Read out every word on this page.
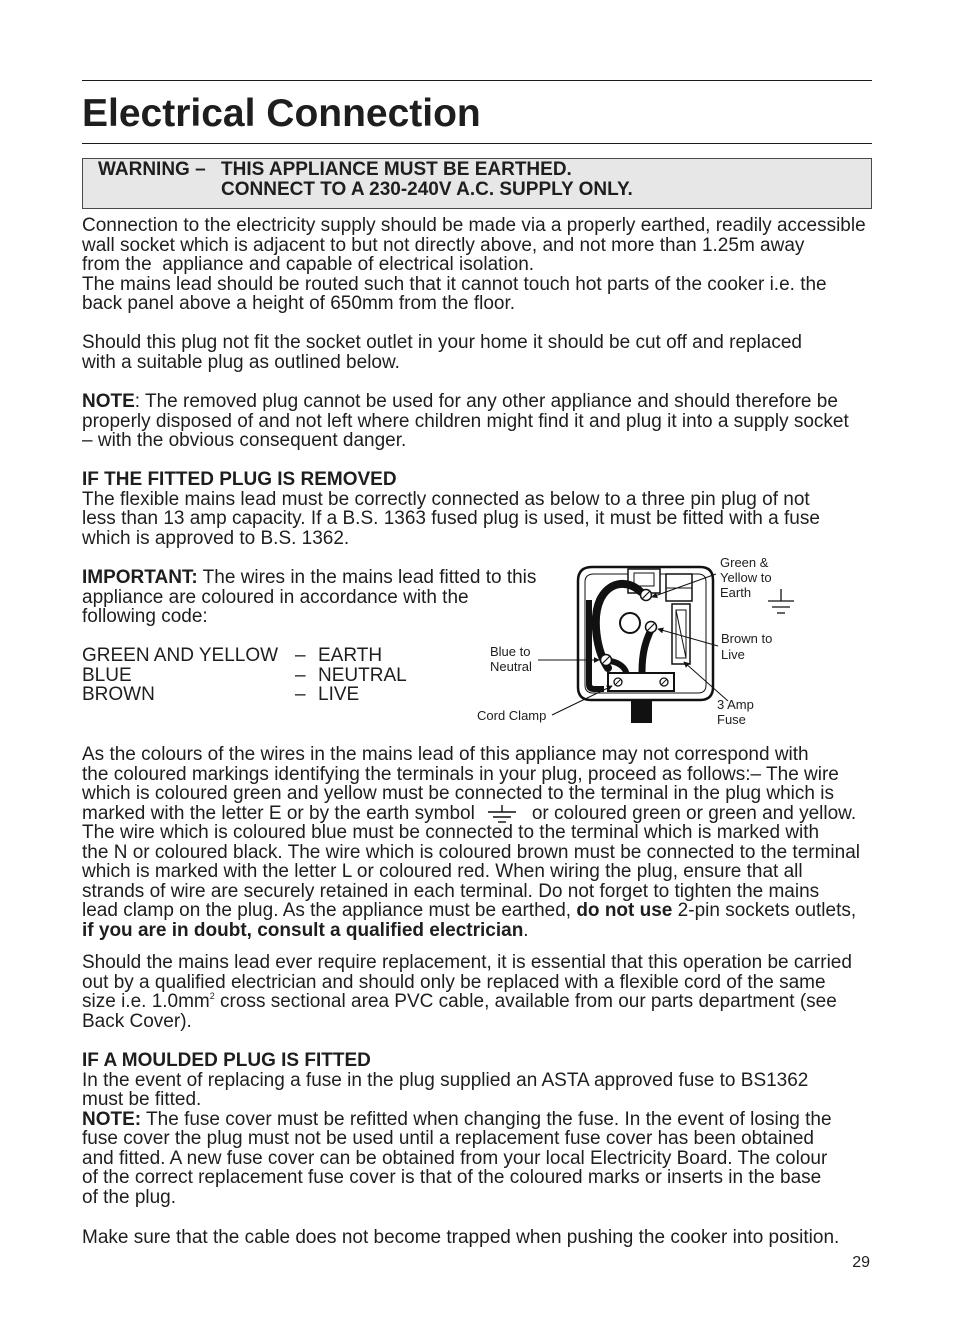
Electrical Connection
WARNING – THIS APPLIANCE MUST BE EARTHED.
CONNECT TO A 230-240V A.C. SUPPLY ONLY.
Connection to the electricity supply should be made via a properly earthed, readily accessible
wall socket which is adjacent to but not directly above, and not more than 1.25m away
from the  appliance and capable of electrical isolation.
The mains lead should be routed such that it cannot touch hot parts of the cooker i.e. the
back panel above a height of 650mm from the floor.
Should this plug not fit the socket outlet in your home it should be cut off and replaced
with a suitable plug as outlined below.
NOTE: The removed plug cannot be used for any other appliance and should therefore be
properly disposed of and not left where children might find it and plug it into a supply socket
– with the obvious consequent danger.
IF THE FITTED PLUG IS REMOVED
The flexible mains lead must be correctly connected as below to a three pin plug of not
less than 13 amp capacity. If a B.S. 1363 fused plug is used, it must be fitted with a fuse
which is approved to B.S. 1362.
IMPORTANT: The wires in the mains lead fitted to this
appliance are coloured in accordance with the
following code:
GREEN AND YELLOW – EARTH
BLUE	– NEUTRAL
BROWN	– LIVE
Green &
Yellow to
Earth
Brown to
Live
Blue to
Neutral
Cord Clamp
3 Amp
Fuse
As the colours of the wires in the mains lead of this appliance may not correspond with
the coloured markings identifying the terminals in your plug, proceed as follows:– The wire
which is coloured green and yellow must be connected to the terminal in the plug which is
marked with the letter E or by the earth symbol	or coloured green or green and yellow.
The wire which is coloured blue must be connected to the terminal which is marked with
the N or coloured black. The wire which is coloured brown must be connected to the terminal
which is marked with the letter L or coloured red. When wiring the plug, ensure that all
strands of wire are securely retained in each terminal. Do not forget to tighten the mains
lead clamp on the plug. As the appliance must be earthed, do not use 2-pin sockets outlets,
if you are in doubt, consult a qualified electrician.
Should the mains lead ever require replacement, it is essential that this operation be carried
out by a qualified electrician and should only be replaced with a flexible cord of the same
size i.e. $1.0mm^2$ cross sectional area PVC cable, available from our parts department (see
Back Cover).
IF A MOULDED PLUG IS FITTED
In the event of replacing a fuse in the plug supplied an ASTA approved fuse to BS1362
must be fitted.
NOTE: The fuse cover must be refitted when changing the fuse. In the event of losing the
fuse cover the plug must not be used until a replacement fuse cover has been obtained
and fitted. A new fuse cover can be obtained from your local Electricity Board. The colour
of the correct replacement fuse cover is that of the coloured marks or inserts in the base
of the plug.
Make sure that the cable does not become trapped when pushing the cooker into position.
29
